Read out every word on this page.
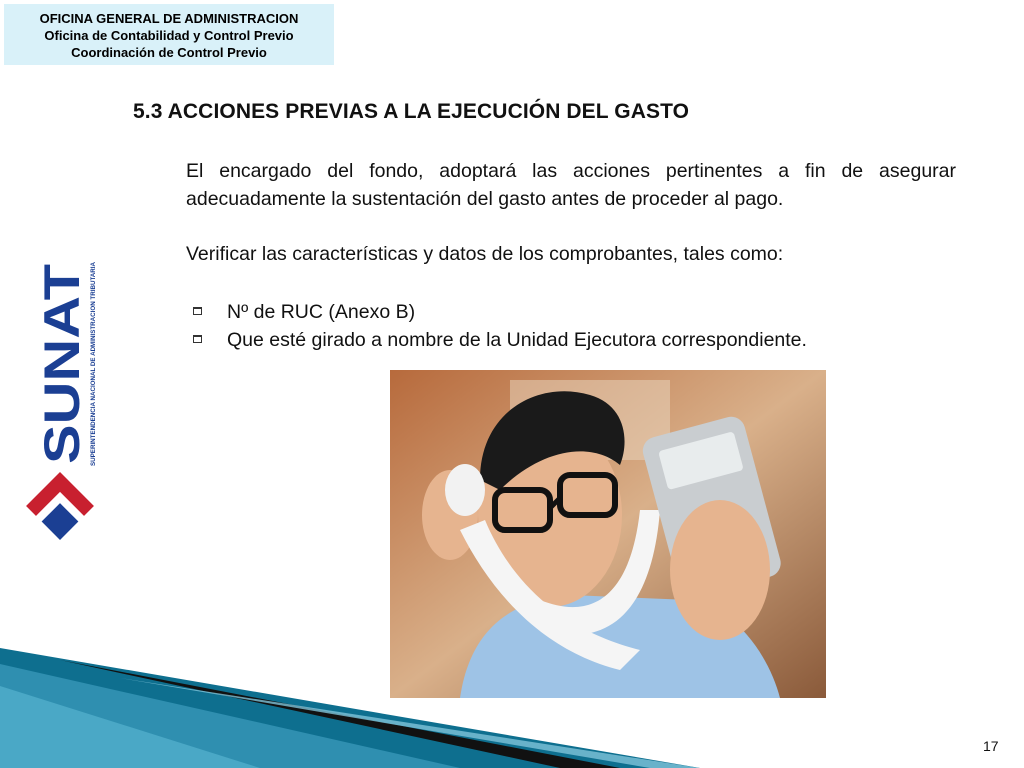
OFICINA GENERAL DE ADMINISTRACION
Oficina de Contabilidad y Control Previo
Coordinación de Control Previo
5.3 ACCIONES PREVIAS A LA EJECUCIÓN DEL GASTO
El encargado del fondo, adoptará las acciones pertinentes a fin de asegurar adecuadamente la sustentación del gasto antes de proceder al pago.
Verificar las características y datos de los comprobantes, tales como:
Nº de RUC (Anexo B)
Que esté girado a nombre de la Unidad Ejecutora correspondiente.
SUNAT SUPERINTENDENCIA NACIONAL DE ADMINISTRACION TRIBUTARIA
17
